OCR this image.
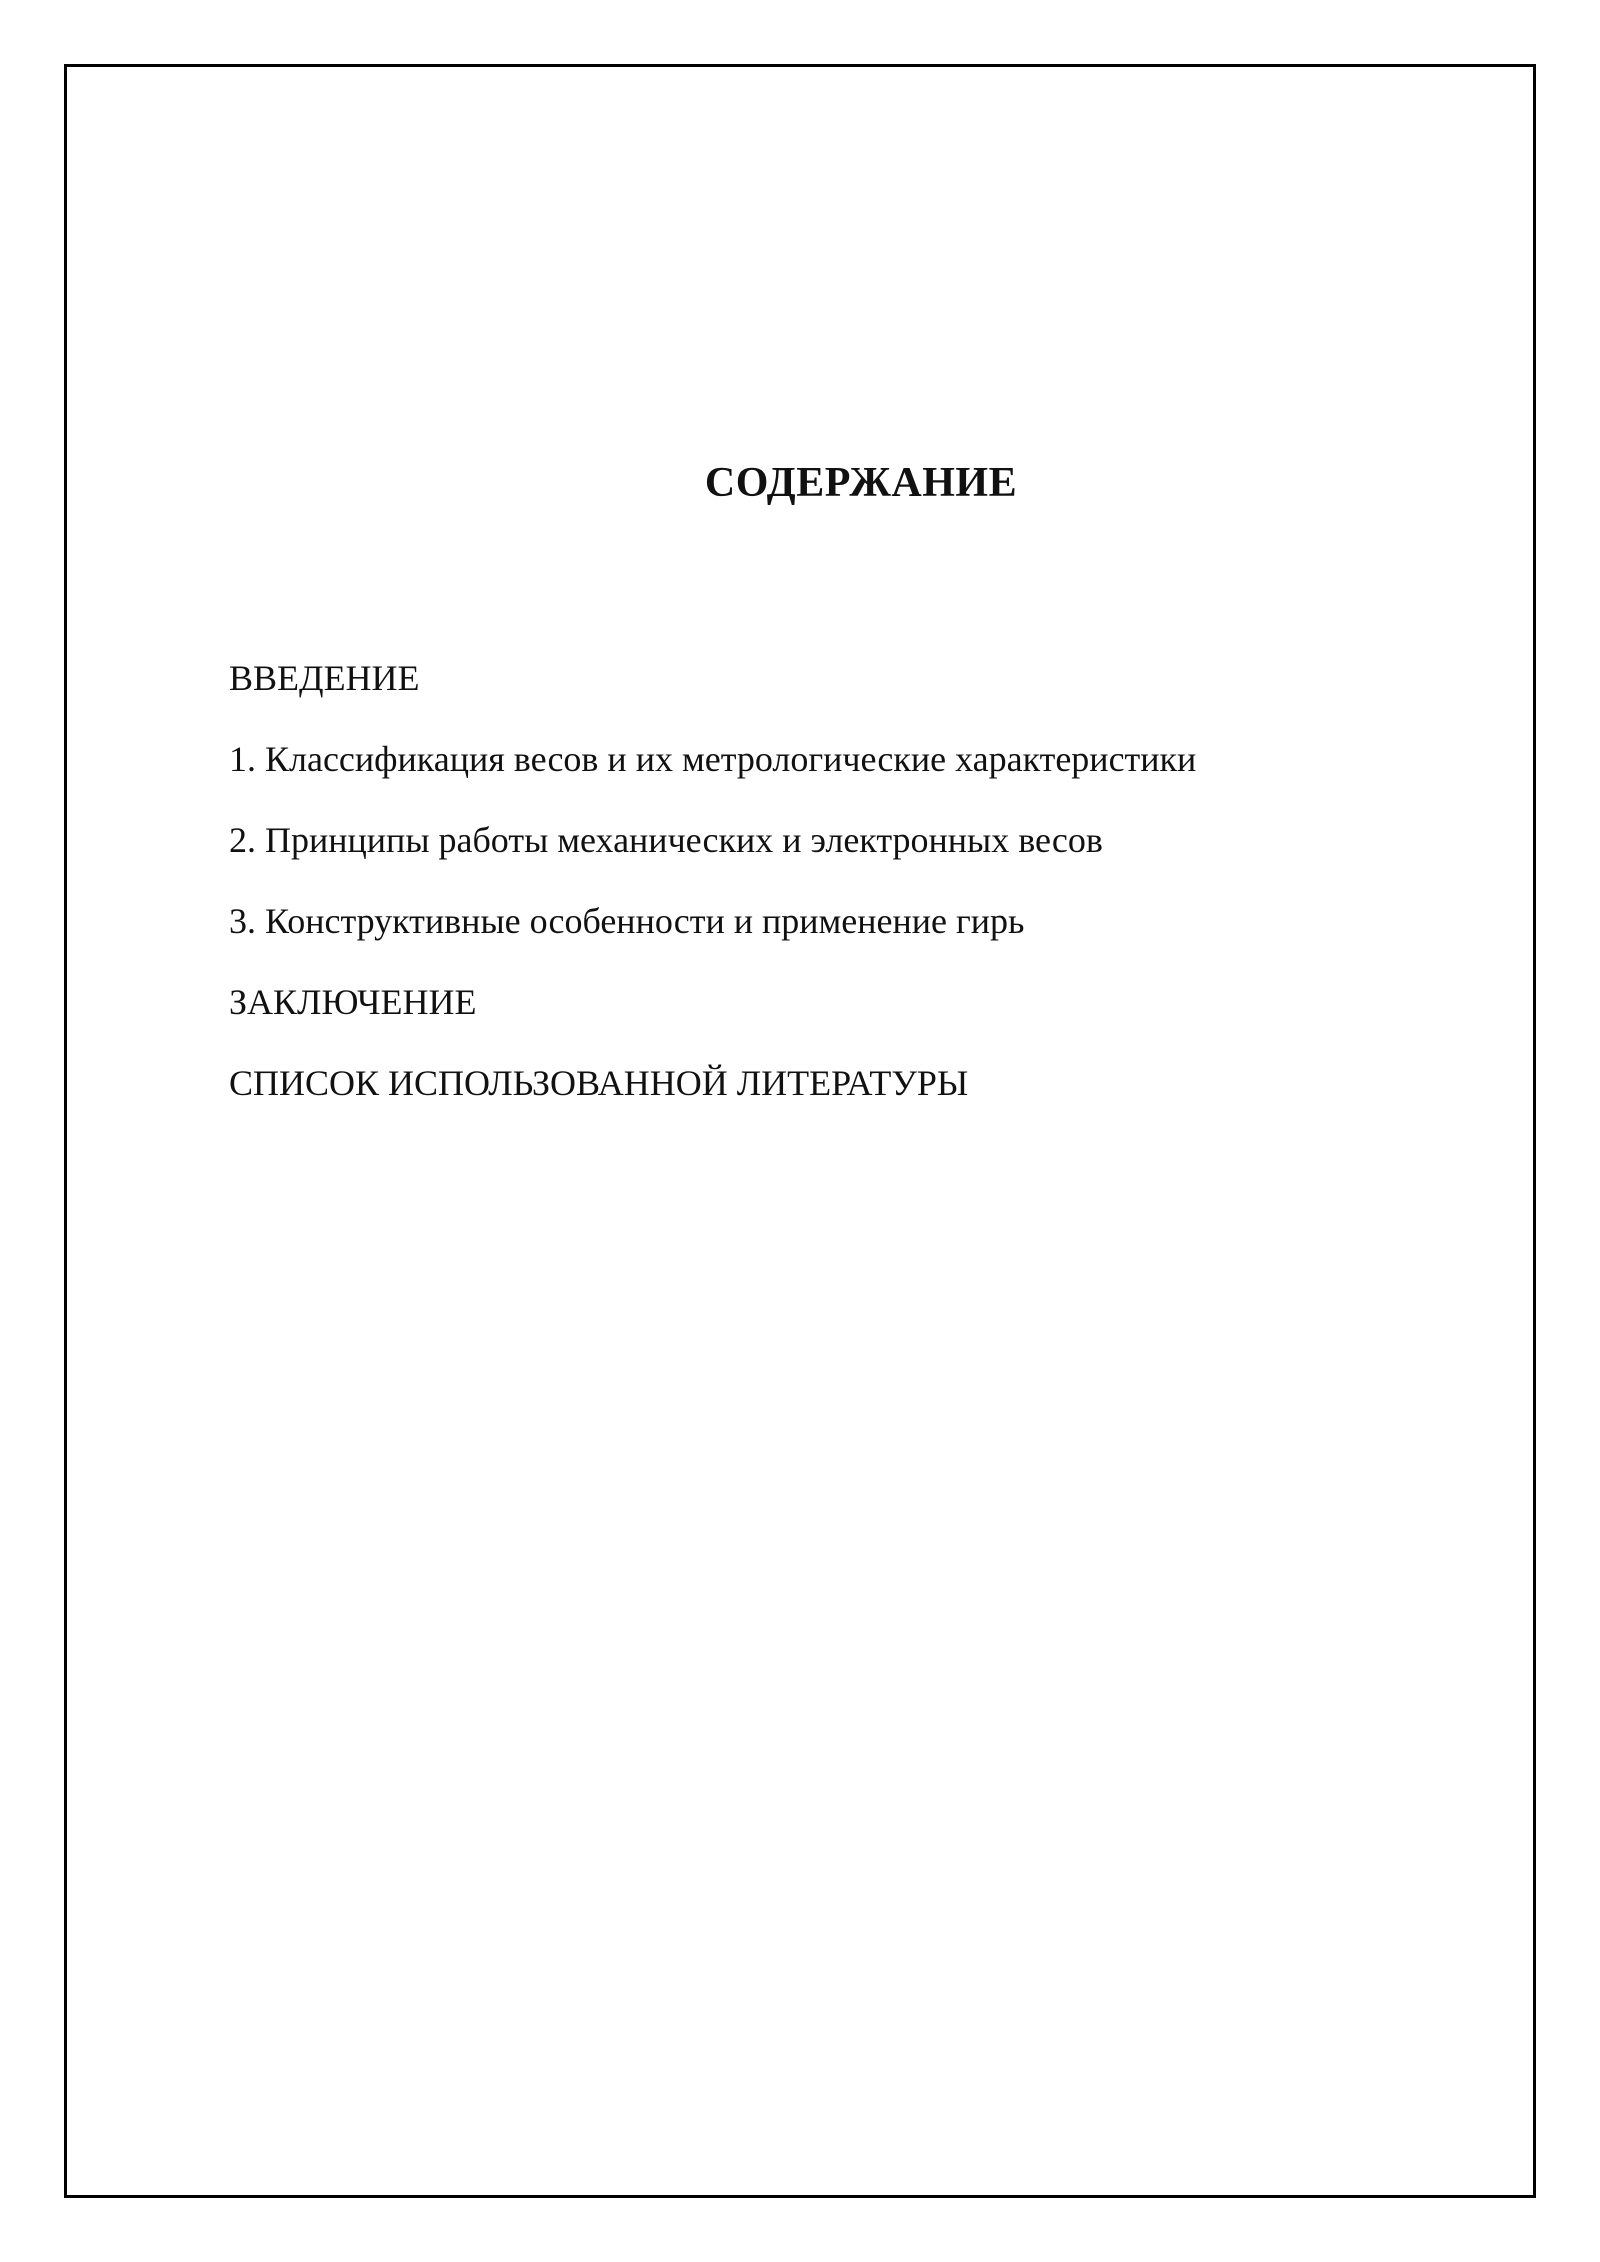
СОДЕРЖАНИЕ
ВВЕДЕНИЕ
1. Классификация весов и их метрологические характеристики
2. Принципы работы механических и электронных весов
3. Конструктивные особенности и применение гирь
ЗАКЛЮЧЕНИЕ
СПИСОК ИСПОЛЬЗОВАННОЙ ЛИТЕРАТУРЫ
